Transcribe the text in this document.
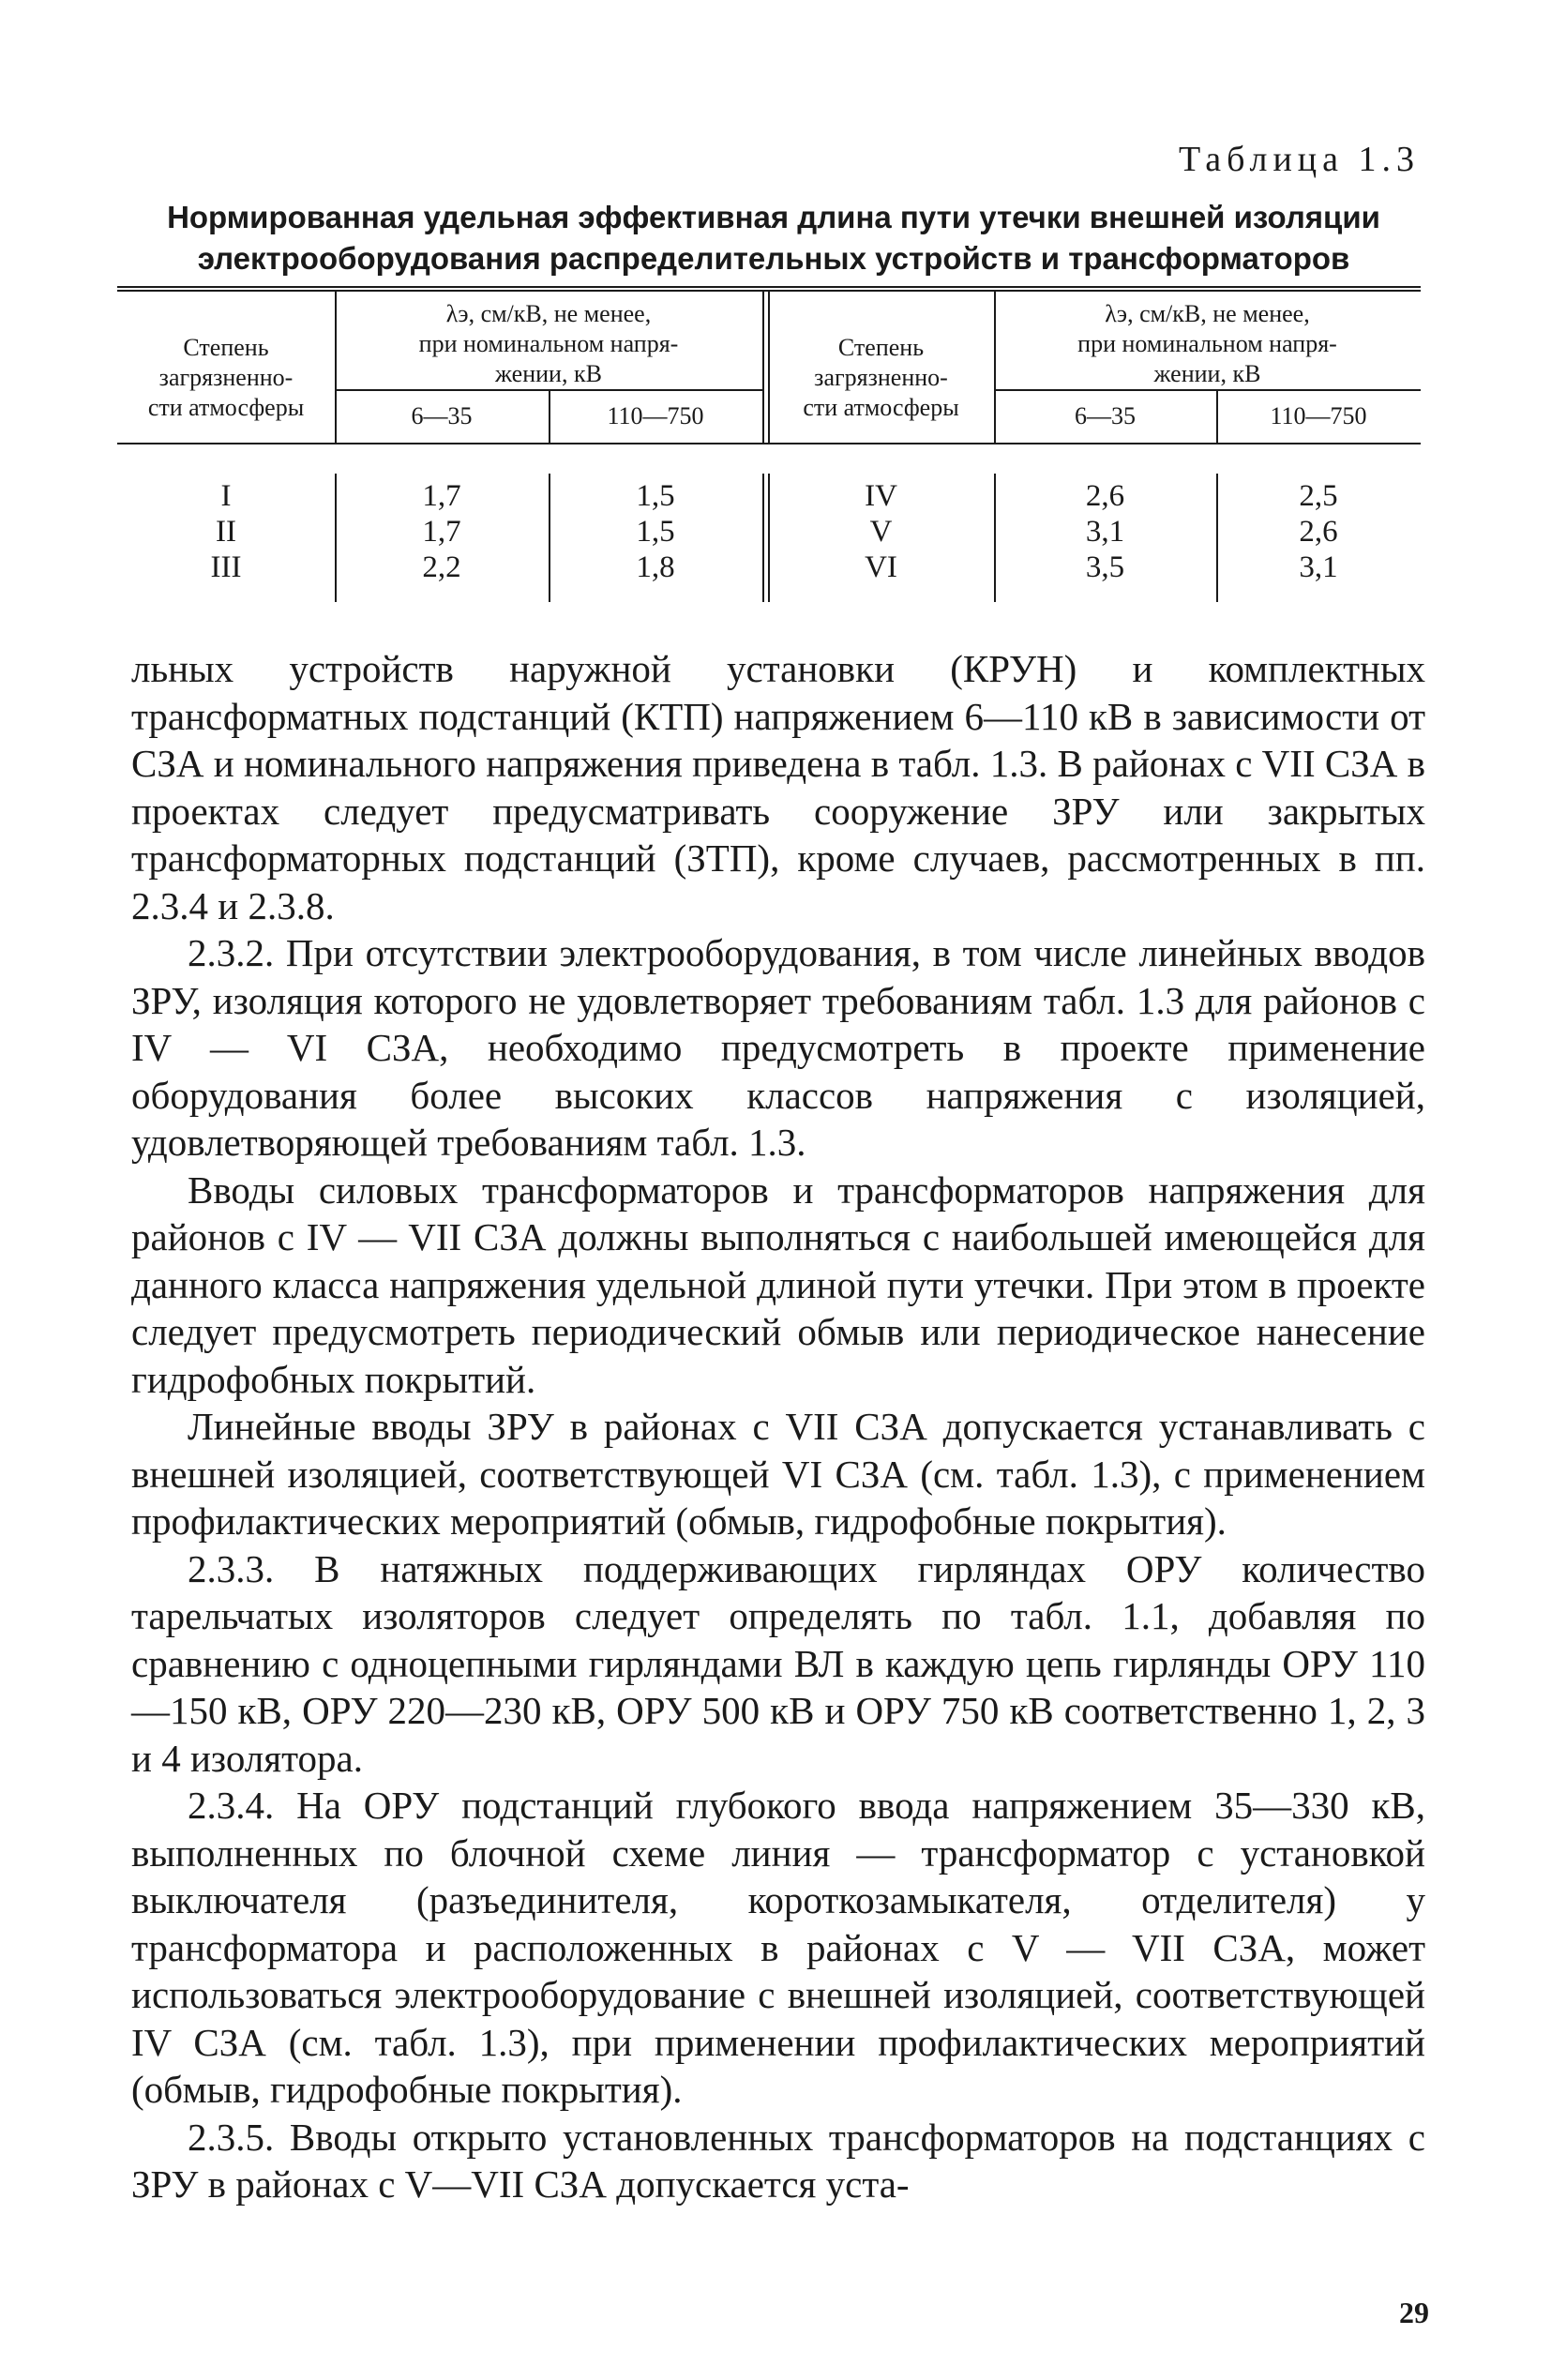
Таблица 1.3
Нормированная удельная эффективная длина пути утечки внешней изоляции
электрооборудования распределительных устройств и трансформаторов
Степень
загрязненно-
сти атмосферы
λэ, см/кВ, не менее,
при номинальном напря-
жении, кВ
6—35	110—750
Степень
загрязненно-
сти атмосферы
λэ, см/кВ, не менее,
при номинальном напря-
жении, кВ
6—35	110—750
I
II
III
1,7
1,7
2,2
1,5
1,5
1,8
IV
V
VI
2,6
3,1
3,5
2,5
2,6
3,1

льных устройств наружной установки (КРУН) и комплектных трансформатных подстанций (КТП) напряжением 6—110 кВ в зависимости от СЗА и номинального напряжения приведена в табл. 1.3. В районах с VII СЗА в проектах следует предусматривать сооружение ЗРУ или закрытых трансформаторных подстанций (ЗТП), кроме случаев, рассмотренных в пп. 2.3.4 и 2.3.8.

2.3.2. При отсутствии электрооборудования, в том числе линейных вводов ЗРУ, изоляция которого не удовлетворяет требованиям табл. 1.3 для районов с IV — VI СЗА, необходимо предусмотреть в проекте применение оборудования более высоких классов напряжения с изоляцией, удовлетворяющей требованиям табл. 1.3.

Вводы силовых трансформаторов и трансформаторов напряжения для районов с IV — VII СЗА должны выполняться с наибольшей имеющейся для данного класса напряжения удельной длиной пути утечки. При этом в проекте следует предусмотреть периодический обмыв или периодическое нанесение гидрофобных покрытий.

Линейные вводы ЗРУ в районах с VII СЗА допускается устанавливать с внешней изоляцией, соответствующей VI СЗА (см. табл. 1.3), с применением профилактических мероприятий (обмыв, гидрофобные покрытия).

2.3.3. В натяжных поддерживающих гирляндах ОРУ количество тарельчатых изоляторов следует определять по табл. 1.1, добавляя по сравнению с одноцепными гирляндами ВЛ в каждую цепь гирлянды ОРУ 110—150 кВ, ОРУ 220—230 кВ, ОРУ 500 кВ и ОРУ 750 кВ соответственно 1, 2, 3 и 4 изолятора.

2.3.4. На ОРУ подстанций глубокого ввода напряжением 35—330 кВ, выполненных по блочной схеме линия — трансформатор с установкой выключателя (разъединителя, короткозамыкателя, отделителя) у трансформатора и расположенных в районах с V — VII СЗА, может использоваться электрооборудование с внешней изоляцией, соответствующей IV СЗА (см. табл. 1.3), при применении профилактических мероприятий (обмыв, гидрофобные покрытия).

2.3.5. Вводы открыто установленных трансформаторов на подстанциях с ЗРУ в районах с V—VII СЗА допускается уста-

29
